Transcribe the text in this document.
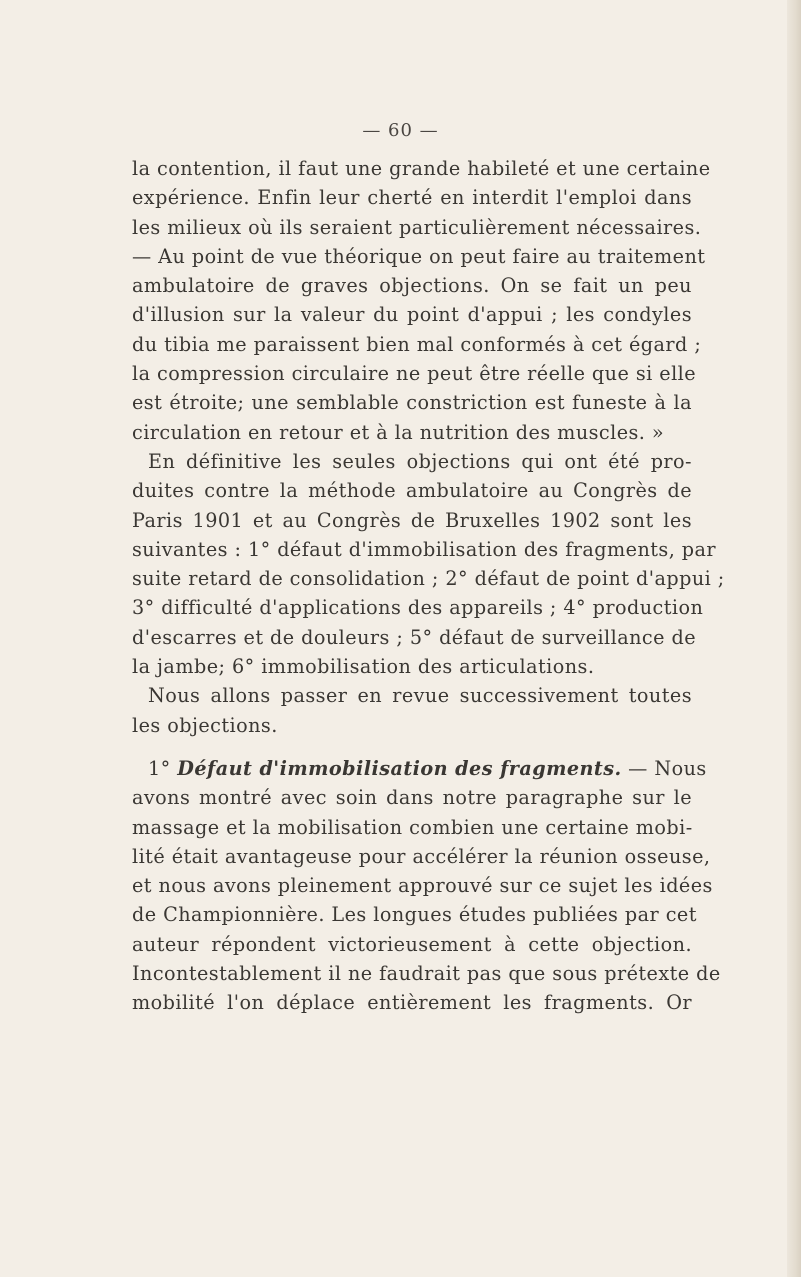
— 60 —
la contention, il faut une grande habileté et une certaine
expérience. Enfin leur cherté en interdit l'emploi dans
les milieux où ils seraient particulièrement nécessaires.
— Au point de vue théorique on peut faire au traitement
ambulatoire de graves objections. On se fait un peu
d'illusion sur la valeur du point d'appui ; les condyles
du tibia me paraissent bien mal conformés à cet égard ;
la compression circulaire ne peut être réelle que si elle
est étroite; une semblable constriction est funeste à la
circulation en retour et à la nutrition des muscles. »
En définitive les seules objections qui ont été pro-
duites contre la méthode ambulatoire au Congrès de
Paris 1901 et au Congrès de Bruxelles 1902 sont les
suivantes : 1° défaut d'immobilisation des fragments, par
suite retard de consolidation ; 2° défaut de point d'appui ;
3° difficulté d'applications des appareils ; 4° production
d'escarres et de douleurs ; 5° défaut de surveillance de
la jambe; 6° immobilisation des articulations.
Nous allons passer en revue successivement toutes
les objections.
1° Défaut d'immobilisation des fragments. — Nous
avons montré avec soin dans notre paragraphe sur le
massage et la mobilisation combien une certaine mobi-
lité était avantageuse pour accélérer la réunion osseuse,
et nous avons pleinement approuvé sur ce sujet les idées
de Championnière. Les longues études publiées par cet
auteur répondent victorieusement à cette objection.
Incontestablement il ne faudrait pas que sous prétexte de
mobilité l'on déplace entièrement les fragments. Or
